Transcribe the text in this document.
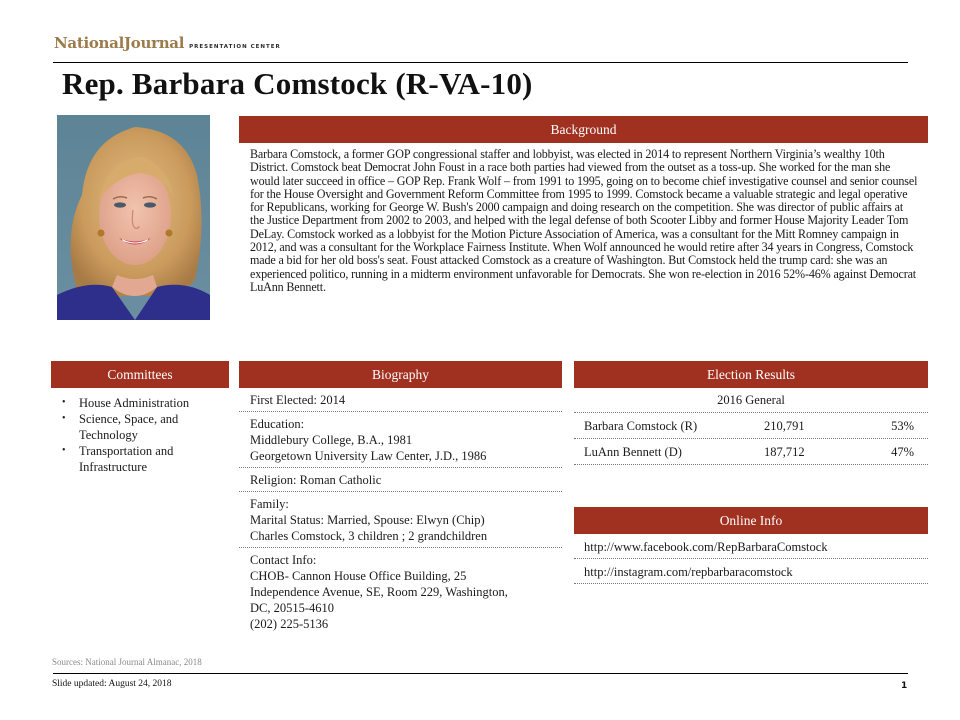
NationalJournal PRESENTATION CENTER
Rep. Barbara Comstock (R-VA-10)
Background

Barbara Comstock, a former GOP congressional staffer and lobbyist, was elected in 2014 to represent Northern Virginia’s wealthy 10th District. Comstock beat Democrat John Foust in a race both parties had viewed from the outset as a toss-up. She worked for the man she would later succeed in office – GOP Rep. Frank Wolf – from 1991 to 1995, going on to become chief investigative counsel and senior counsel for the House Oversight and Government Reform Committee from 1995 to 1999. Comstock became a valuable strategic and legal operative for Republicans, working for George W. Bush's 2000 campaign and doing research on the competition. She was director of public affairs at the Justice Department from 2002 to 2003, and helped with the legal defense of both Scooter Libby and former House Majority Leader Tom DeLay. Comstock worked as a lobbyist for the Motion Picture Association of America, was a consultant for the Mitt Romney campaign in 2012, and was a consultant for the Workplace Fairness Institute. When Wolf announced he would retire after 34 years in Congress, Comstock made a bid for her old boss's seat. Foust attacked Comstock as a creature of Washington. But Comstock held the trump card: she was an experienced politico, running in a midterm environment unfavorable for Democrats. She won re-election in 2016 52%-46% against Democrat LuAnn Bennett.

Committees
• House Administration
• Science, Space, and Technology
• Transportation and Infrastructure
Biography
First Elected: 2014
Education:
Middlebury College, B.A., 1981
Georgetown University Law Center, J.D., 1986
Religion: Roman Catholic
Family:
Marital Status: Married, Spouse: Elwyn (Chip)
Charles Comstock, 3 children ; 2 grandchildren
Contact Info:
CHOB- Cannon House Office Building, 25
Independence Avenue, SE, Room 229, Washington,
DC, 20515-4610
(202) 225-5136
Election Results
2016 General
Barbara Comstock (R)	210,791	53%
LuAnn Bennett (D)	187,712	47%
Online Info
http://www.facebook.com/RepBarbaraComstock
http://instagram.com/repbarbaracomstock
Sources: National Journal Almanac, 2018
Slide updated: August 24, 2018	1
